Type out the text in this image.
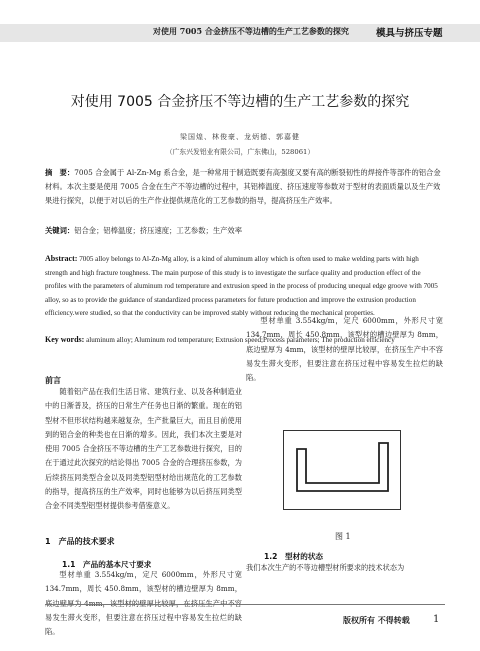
对使用 7005 合金挤压不等边槽的生产工艺参数的探究	模具与挤压专题
对使用 7005 合金挤压不等边槽的生产工艺参数的探究
梁国煌、林俊豪、龙炳德、郭嘉健
（广东兴发铝业有限公司，广东佛山，528061）
摘　要：7005 合金属于 Al-Zn-Mg 系合金，是一种常用于制造既要有高强度又要有高的断裂韧性的焊接件等部件的铝合金材料。本次主要是使用 7005 合金在生产不等边槽的过程中，其铝棒温度、挤压速度等参数对于型材的表面质量以及生产效果进行探究，以便于对以后的生产作业提供规范化的工艺参数的指导，提高挤压生产效率。
关键词：铝合金；铝棒温度；挤压速度；工艺参数；生产效率
Abstract: 7005 alloy belongs to Al-Zn-Mg alloy, is a kind of aluminum alloy which is often used to make welding parts with high strength and high fracture toughness. The main purpose of this study is to investigate the surface quality and production effect of the profiles with the parameters of aluminum rod temperature and extrusion speed in the process of producing unequal edge groove with 7005 alloy, so as to provide the guidance of standardized process parameters for future production and improve the extrusion production efficiency.were studied, so that the conductivity can be improved stably without reducing the mechanical properties.
Key words: aluminum alloy; Aluminum rod temperature; Extrusion speed;Process parameters; The production efficiency
前言

随着铝产品在我们生活日常、建筑行业、以及各种制造业中的日渐普及，挤压的日常生产任务也日渐的繁重。现在的铝型材不但形状结构越来越复杂，生产批量巨大，而且目前使用到的铝合金的种类也在日渐的增多。因此，我们本次主要是对使用 7005 合金挤压不等边槽的生产工艺参数进行探究，目的在于通过此次探究的结论得出 7005 合金的合理挤压参数，为后续挤压同类型合金以及同类型铝型材给出规范化的工艺参数的指导，提高挤压的生产效率，同时也能够为以后挤压同类型合金不同类型铝型材提供参考借鉴意义。

1　产品的技术要求
1.1　产品的基本尺寸要求

型材单重 3.554kg/m，定尺 6000mm，外形尺寸宽 134.7mm，周长 450.8mm，该型材的槽边壁厚为 8mm，底边壁厚为 4mm，该型材的壁厚比较厚，在挤压生产中不容易发生滞火变形，但要注意在挤压过程中容易发生拉烂的缺陷。

型材单重 3.554kg/m，定尺 6000mm，外形尺寸宽 134.7mm，周长 450.8mm，该型材的槽边壁厚为 8mm，底边壁厚为 4mm，该型材的壁厚比较厚，在挤压生产中不容易发生滞火变形，但要注意在挤压过程中容易发生拉烂的缺陷。

图 1
1.2　型材的状态

我们本次生产的不等边槽型材所要求的技术状态为

版权所有 不得转载 1
